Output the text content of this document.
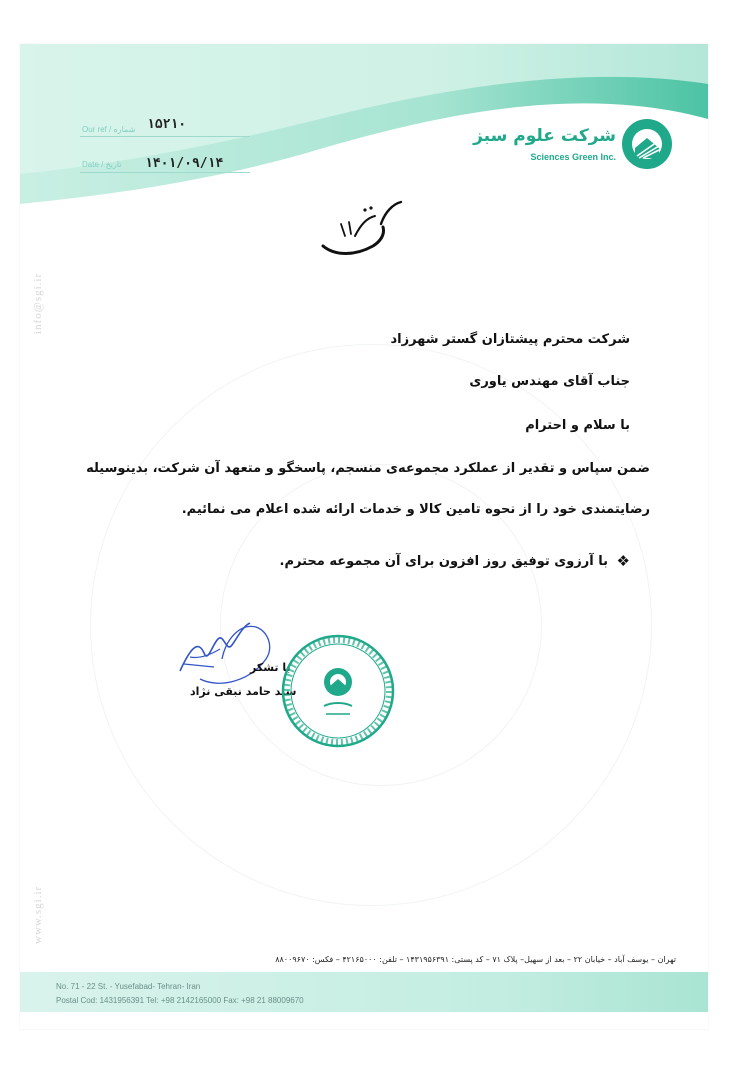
شرکت علوم سبز
Sciences Green Inc.
Our ref / شماره ۱۵۲۱۰
Date / تاریخ ۱۴۰۱/۰۹/۱۴
info@sgi.ir
www.sgi.ir
شرکت محترم پیشتازان گستر شهرزاد
جناب آقای مهندس یاوری
با سلام و احترام
ضمن سپاس و تقدیر از عملکرد مجموعه‌ی منسجم، پاسخگو و متعهد آن شرکت، بدینوسیله
رضایتمندی خود را از نحوه تامین کالا و خدمات ارائه شده اعلام می نمائیم.
❖
با آرزوی توفیق روز افزون برای آن مجموعه محترم.
با تشکر
سید حامد نبقی نژاد
تهران – یوسف آباد – خیابان ۲۲ – بعد از سهیل– پلاک ۷۱ – کد پستی: ۱۴۳۱۹۵۶۳۹۱ – تلفن: ۴۲۱۶۵۰۰۰ – فکس: ۸۸۰۰۹۶۷۰
No. 71 - 22 St. - Yusefabad- Tehran- Iran
Postal Cod: 1431956391 Tel: +98 2142165000 Fax: +98 21 88009670
